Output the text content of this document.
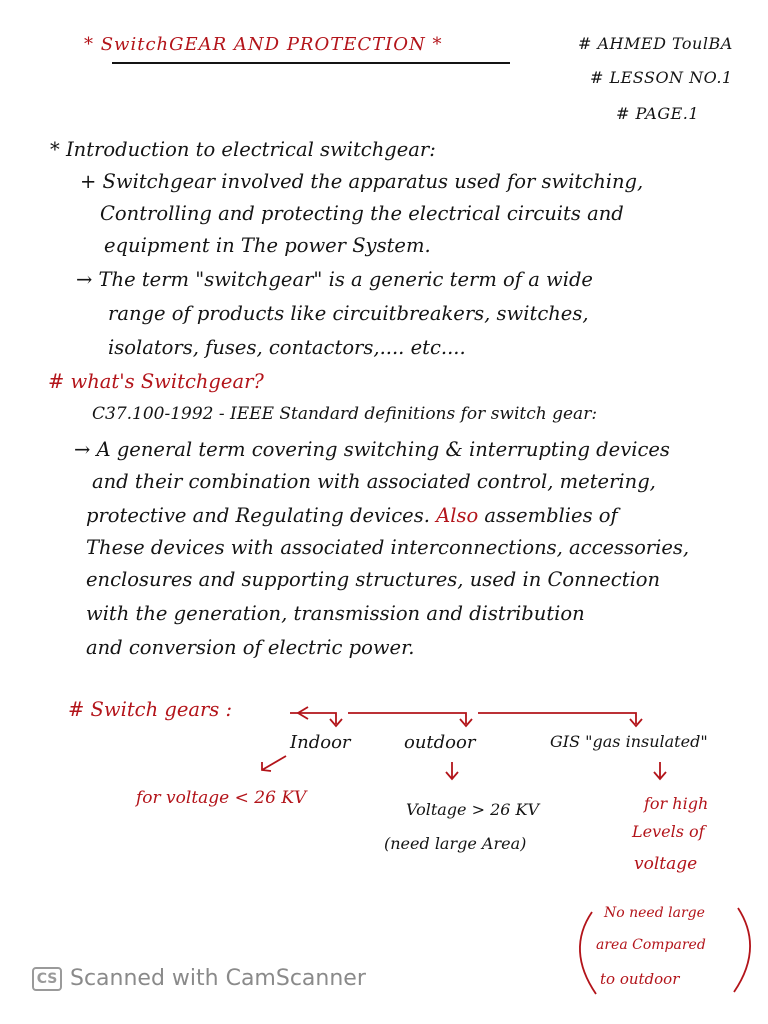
* SwitchGEAR AND PROTECTION *	# AHMED ToulBA
# LESSON NO.1
# PAGE.1
* Introduction to electrical switchgear:
+ Switchgear involved the apparatus used for switching,
Controlling and protecting the electrical circuits and
equipment in The power System.
→ The term "switchgear" is a generic term of a wide
range of products like circuitbreakers, switches,
isolators, fuses, contactors,.... etc....
# what's Switchgear?
C37.100-1992 - IEEE Standard definitions for switch gear:
→ A general term covering switching & interrupting devices
and their combination with associated control, metering,
protective and Regulating devices. Also assemblies of
These devices with associated interconnections, accessories,
enclosures and supporting structures, used in Connection
with the generation, transmission and distribution
and conversion of electric power.
# Switch gears :
Indoor	outdoor	GIS "gas insulated"
for voltage < 26 KV
Voltage > 26 KV
(need large Area)
for high
Levels of
voltage
No need large
area Compared
to outdoor
CS Scanned with CamScanner
